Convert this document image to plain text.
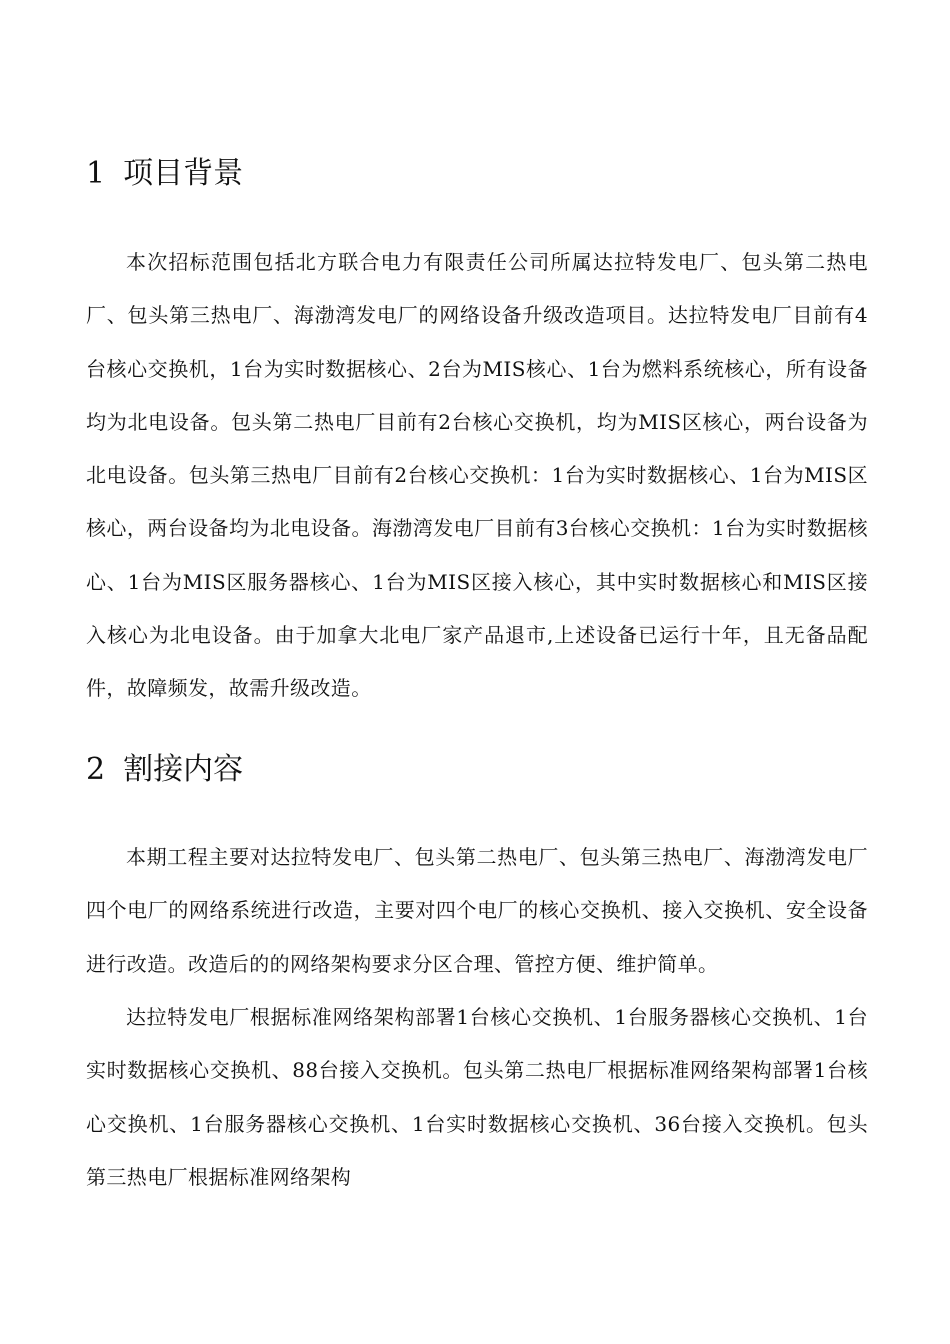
1 项目背景

本次招标范围包括北方联合电力有限责任公司所属达拉特发电厂、包头第二热电厂、包头第三热电厂、海渤湾发电厂的网络设备升级改造项目。达拉特发电厂目前有4台核心交换机，1台为实时数据核心、2台为MIS核心、1台为燃料系统核心，所有设备均为北电设备。包头第二热电厂目前有2台核心交换机，均为MIS区核心，两台设备为北电设备。包头第三热电厂目前有2台核心交换机：1台为实时数据核心、1台为MIS区核心，两台设备均为北电设备。海渤湾发电厂目前有3台核心交换机：1台为实时数据核心、1台为MIS区服务器核心、1台为MIS区接入核心，其中实时数据核心和MIS区接入核心为北电设备。由于加拿大北电厂家产品退市,上述设备已运行十年，且无备品配件，故障频发，故需升级改造。

2 割接内容

本期工程主要对达拉特发电厂、包头第二热电厂、包头第三热电厂、海渤湾发电厂四个电厂的网络系统进行改造，主要对四个电厂的核心交换机、接入交换机、安全设备进行改造。改造后的的网络架构要求分区合理、管控方便、维护简单。

达拉特发电厂根据标准网络架构部署1台核心交换机、1台服务器核心交换机、1台实时数据核心交换机、88台接入交换机。包头第二热电厂根据标准网络架构部署1台核心交换机、1台服务器核心交换机、1台实时数据核心交换机、36台接入交换机。包头第三热电厂根据标准网络架构
